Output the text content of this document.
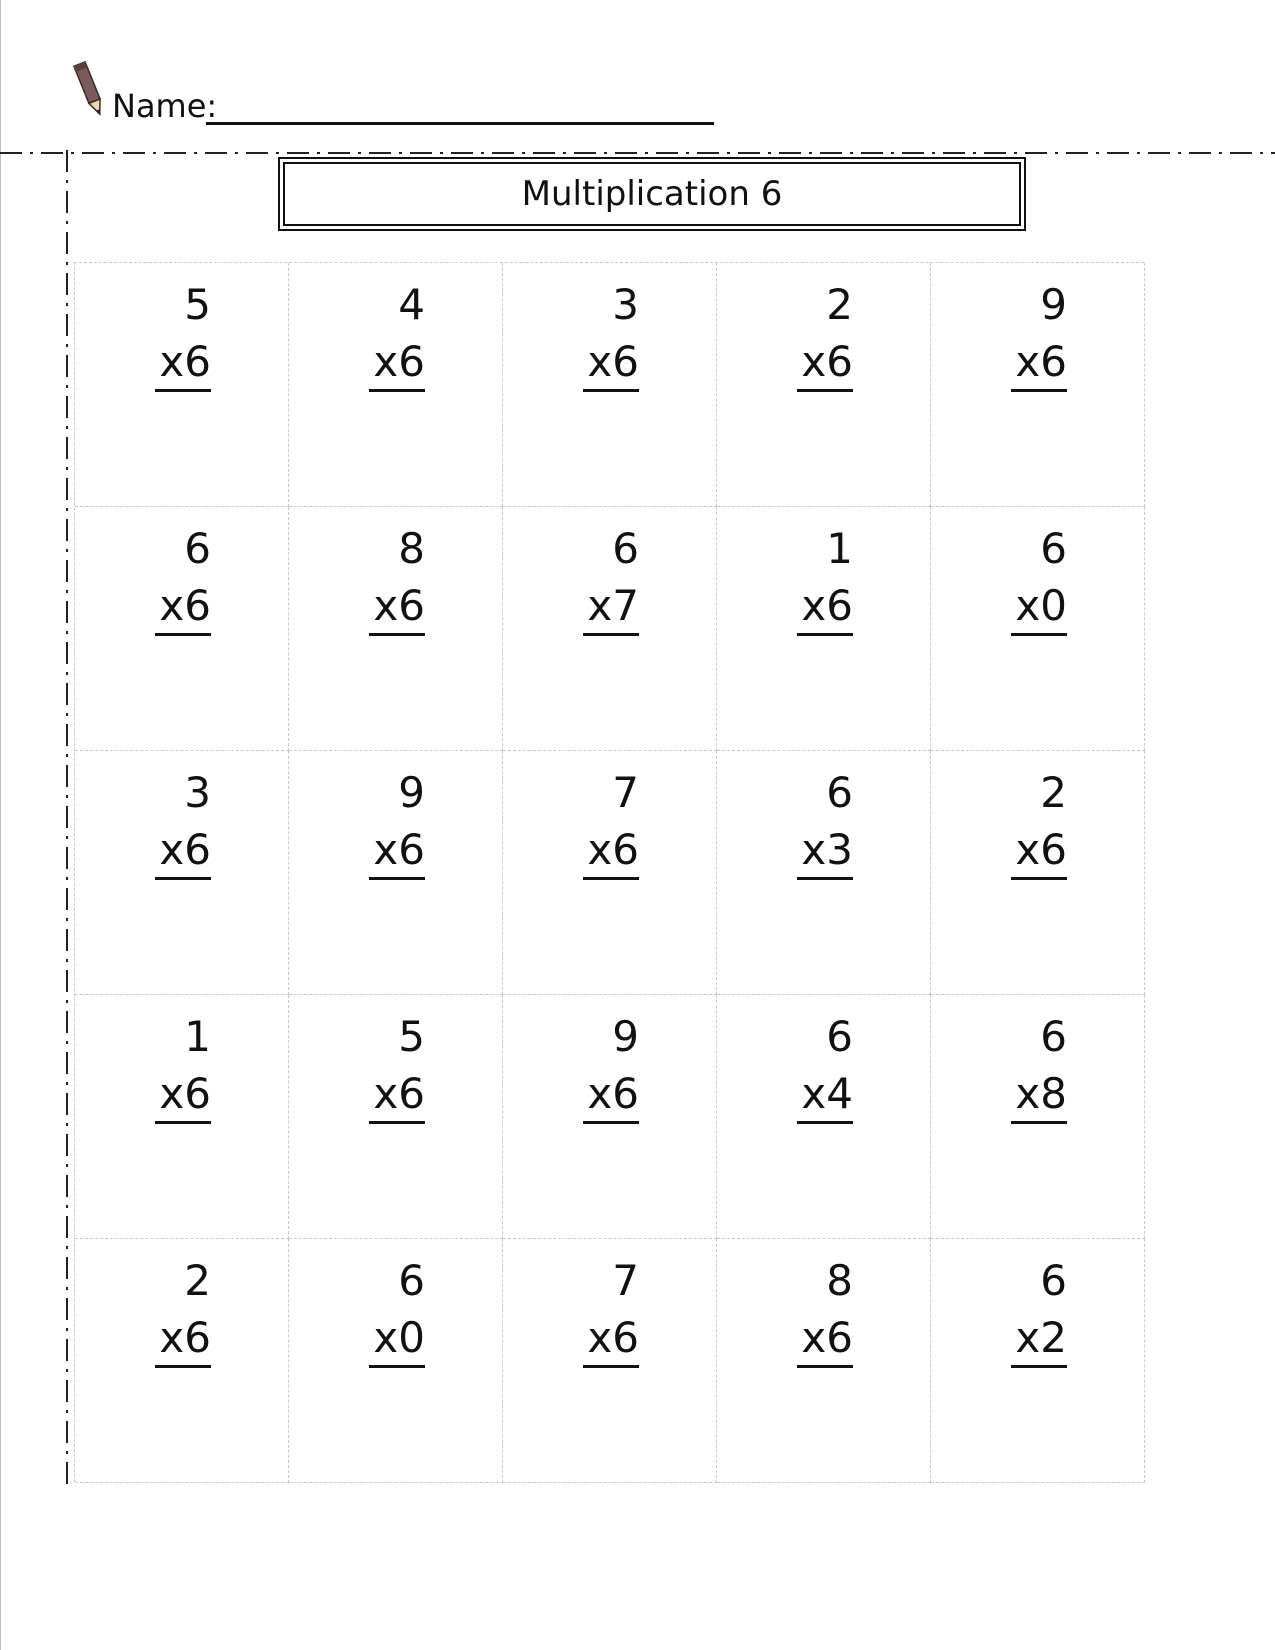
Name:
Multiplication 6
5
x6
4
x6
3
x6
2
x6
9
x6
6
x6
8
x6
6
x7
1
x6
6
x0
3
x6
9
x6
7
x6
6
x3
2
x6
1
x6
5
x6
9
x6
6
x4
6
x8
2
x6
6
x0
7
x6
8
x6
6
x2
